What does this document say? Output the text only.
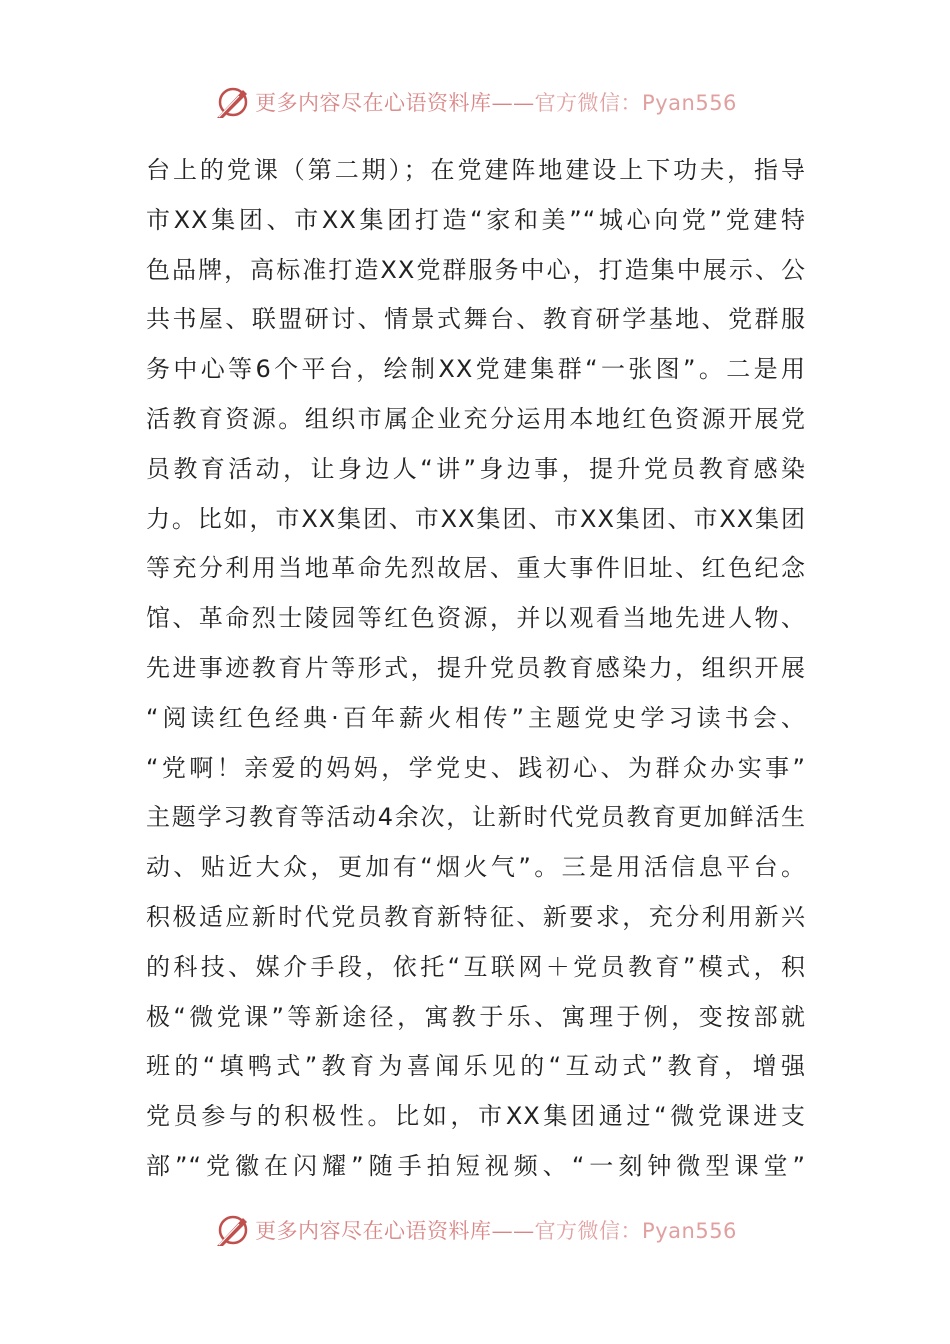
更多内容尽在心语资料库——官方微信：Pyan556
台上的党课（第二期）；在党建阵地建设上下功夫，指导
市XX集团、市XX集团打造“家和美”“城心向党”党建特
色品牌，高标准打造XX党群服务中心，打造集中展示、公
共书屋、联盟研讨、情景式舞台、教育研学基地、党群服
务中心等6个平台，绘制XX党建集群“一张图”。二是用
活教育资源。组织市属企业充分运用本地红色资源开展党
员教育活动，让身边人“讲”身边事，提升党员教育感染
力。比如，市XX集团、市XX集团、市XX集团、市XX集团
等充分利用当地革命先烈故居、重大事件旧址、红色纪念
馆、革命烈士陵园等红色资源，并以观看当地先进人物、
先进事迹教育片等形式，提升党员教育感染力，组织开展
“阅读红色经典·百年薪火相传”主题党史学习读书会、
“党啊！亲爱的妈妈，学党史、践初心、为群众办实事”
主题学习教育等活动4余次，让新时代党员教育更加鲜活生
动、贴近大众，更加有“烟火气”。三是用活信息平台。
积极适应新时代党员教育新特征、新要求，充分利用新兴
的科技、媒介手段，依托“互联网＋党员教育”模式，积
极“微党课”等新途径，寓教于乐、寓理于例，变按部就
班的“填鸭式”教育为喜闻乐见的“互动式”教育，增强
党员参与的积极性。比如，市XX集团通过“微党课进支
部”“党徽在闪耀”随手拍短视频、“一刻钟微型课堂”
更多内容尽在心语资料库——官方微信：Pyan556
